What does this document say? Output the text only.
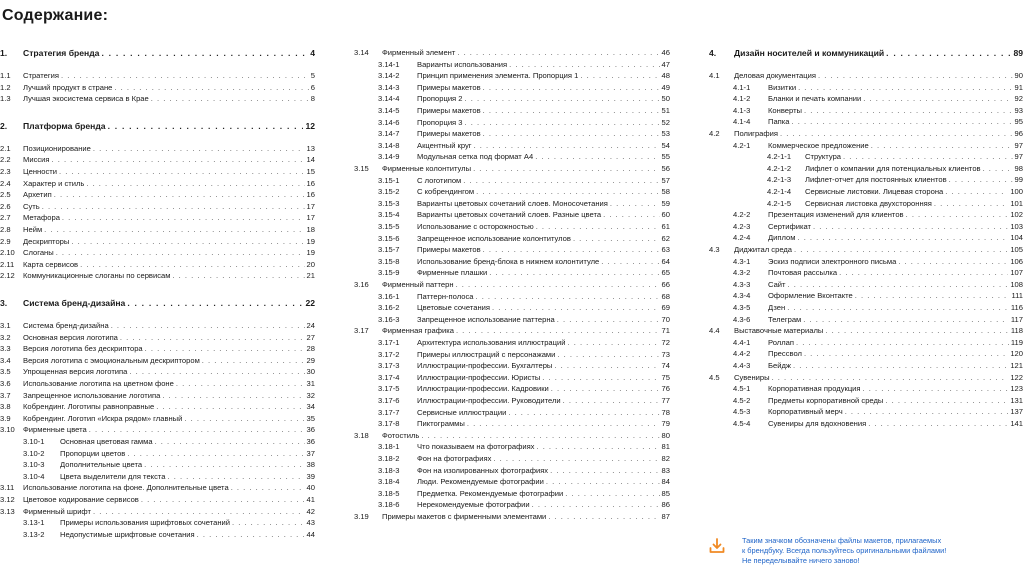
Содержание:
1.	Стратегия бренда . . .	4
1.1	Стратегия . . .	5
1.2	Лучший продукт в стране . . .	6
1.3	Лучшая экосистема сервиса в Крае . . .	8
2.	Платформа бренда . . .	12
2.1	Позиционирование . . .	13
2.2	Миссия . . .	14
2.3	Ценности . . .	15
2.4	Характер и стиль . . .	16
2.5	Архетип . . .	16
2.6	Суть . . .	17
2.7	Метафора . . .	17
2.8	Нейм . . .	18
2.9	Дескрипторы . . .	19
2.10	Слоганы . . .	19
2.11	Карта сервисов . . .	20
2.12	Коммуникационные слоганы по сервисам . . .	21
3.	Система бренд-дизайна . . .	22
3.1	Система бренд-дизайна . . .	24
3.2	Основная версия логотипа . . .	27
3.3	Версия логотипа без дескриптора . . .	28
3.4	Версия логотипа с эмоциональным дескриптором . . .	29
3.5	Упрощенная версия логотипа . . .	30
3.6	Использование логотипа на цветном фоне . . .	31
3.7	Запрещенное использование логотипа . . .	32
3.8	Кобрендинг. Логотипы равноправные . . .	34
3.9	Кобрендинг. Логотип «Искра рядом» главный . . .	35
3.10	Фирменные цвета . . .	36
3.10-1	Основная цветовая гамма . . .	36
3.10-2	Пропорции цветов . . .	37
3.10-3	Дополнительные цвета . . .	38
3.10-4	Цвета выделители для текста . . .	39
3.11	Использование логотипа на фоне. Дополнительные цвета . . .	40
3.12	Цветовое кодирование сервисов . . .	41
3.13	Фирменный шрифт . . .	42
3.13-1	Примеры использования шрифтовых сочетаний . . .	43
3.13-2	Недопустимые шрифтовые сочетания . . .	44
3.14	Фирменный элемент . . .	46
3.14-1	Варианты использования . . .	47
3.14-2	Принцип применения элемента. Пропорция 1 . . .	48
3.14-3	Примеры макетов . . .	49
3.14-4	Пропорция 2 . . .	50
3.14-5	Примеры макетов . . .	51
3.14-6	Пропорция 3 . . .	52
3.14-7	Примеры макетов . . .	53
3.14-8	Акцентный круг . . .	54
3.14-9	Модульная сетка под формат А4 . . .	55
3.15	Фирменные колонтитулы . . .	56
3.15-1	С логотипом . . .	57
3.15-2	С кобрендингом . . .	58
3.15-3	Варианты цветовых сочетаний слоев. Моносочетания . . .	59
3.15-4	Варианты цветовых сочетаний слоев. Разные цвета . . .	60
3.15-5	Использование с осторожностью . . .	61
3.15-6	Запрещенное использование колонтитулов . . .	62
3.15-7	Примеры макетов . . .	63
3.15-8	Использование бренд-блока в нижнем колонтитуле . . .	64
3.15-9	Фирменные плашки . . .	65
3.16	Фирменный паттерн . . .	66
3.16-1	Паттерн-полоса . . .	68
3.16-2	Цветовые сочетания . . .	69
3.16-3	Запрещенное использование паттерна . . .	70
3.17	Фирменная графика . . .	71
3.17-1	Архитектура использования иллюстраций . . .	72
3.17-2	Примеры иллюстраций с персонажами . . .	73
3.17-3	Иллюстрации-профессии. Бухгалтеры . . .	74
3.17-4	Иллюстрации-профессии. Юристы . . .	75
3.17-5	Иллюстрации-профессии. Кадровики . . .	76
3.17-6	Иллюстрации-профессии. Руководители . . .	77
3.17-7	Сервисные иллюстрации . . .	78
3.17-8	Пиктограммы . . .	79
3.18	Фотостиль . . .	80
3.18-1	Что показываем на фотографиях . . .	81
3.18-2	Фон на фотографиях . . .	82
3.18-3	Фон на изолированных фотографиях . . .	83
3.18-4	Люди. Рекомендуемые фотографии . . .	84
3.18-5	Предметка. Рекомендуемые фотографии . . .	85
3.18-6	Нерекомендуемые фотографии . . .	86
3.19	Примеры макетов с фирменными элементами . . .	87
4.	Дизайн носителей и коммуникаций . . .	89
4.1	Деловая документация . . .	90
4.1-1	Визитки . . .	91
4.1-2	Бланки и печать компании . . .	92
4.1-3	Конверты . . .	93
4.1-4	Папка . . .	95
4.2	Полиграфия . . .	96
4.2-1	Коммерческое предложение . . .	97
4.2-1-1	Структура . . .	97
4.2-1-2	Лифлет о компании для потенциальных клиентов . . .	98
4.2-1-3	Лифлет-отчет для постоянных клиентов . . .	99
4.2-1-4	Сервисные листовки. Лицевая сторона . . .	100
4.2-1-5	Сервисная листовка двухсторонняя . . .	101
4.2-2	Презентация изменений для клиентов . . .	102
4.2-3	Сертификат . . .	103
4.2-4	Диплом . . .	104
4.3	Диджитал среда . . .	105
4.3-1	Эскиз подписи электронного письма . . .	106
4.3-2	Почтовая рассылка . . .	107
4.3-3	Сайт . . .	108
4.3-4	Оформление Вконтакте . . .	111
4.3-5	Дзен . . .	116
4.3-6	Телеграм . . .	117
4.4	Выставочные материалы . . .	118
4.4-1	Роллап . . .	119
4.4-2	Прессвол . . .	120
4.4-3	Бейдж . . .	121
4.5	Сувениры . . .	122
4.5-1	Корпоративная продукция . . .	123
4.5-2	Предметы корпоративной среды . . .	131
4.5-3	Корпоративный мерч . . .	137
4.5-4	Сувениры для вдохновения . . .	141
Таким значком обозначены файлы макетов, прилагаемых
к брендбуку. Всегда пользуйтесь оригинальными файлами!
Не переделывайте ничего заново!
